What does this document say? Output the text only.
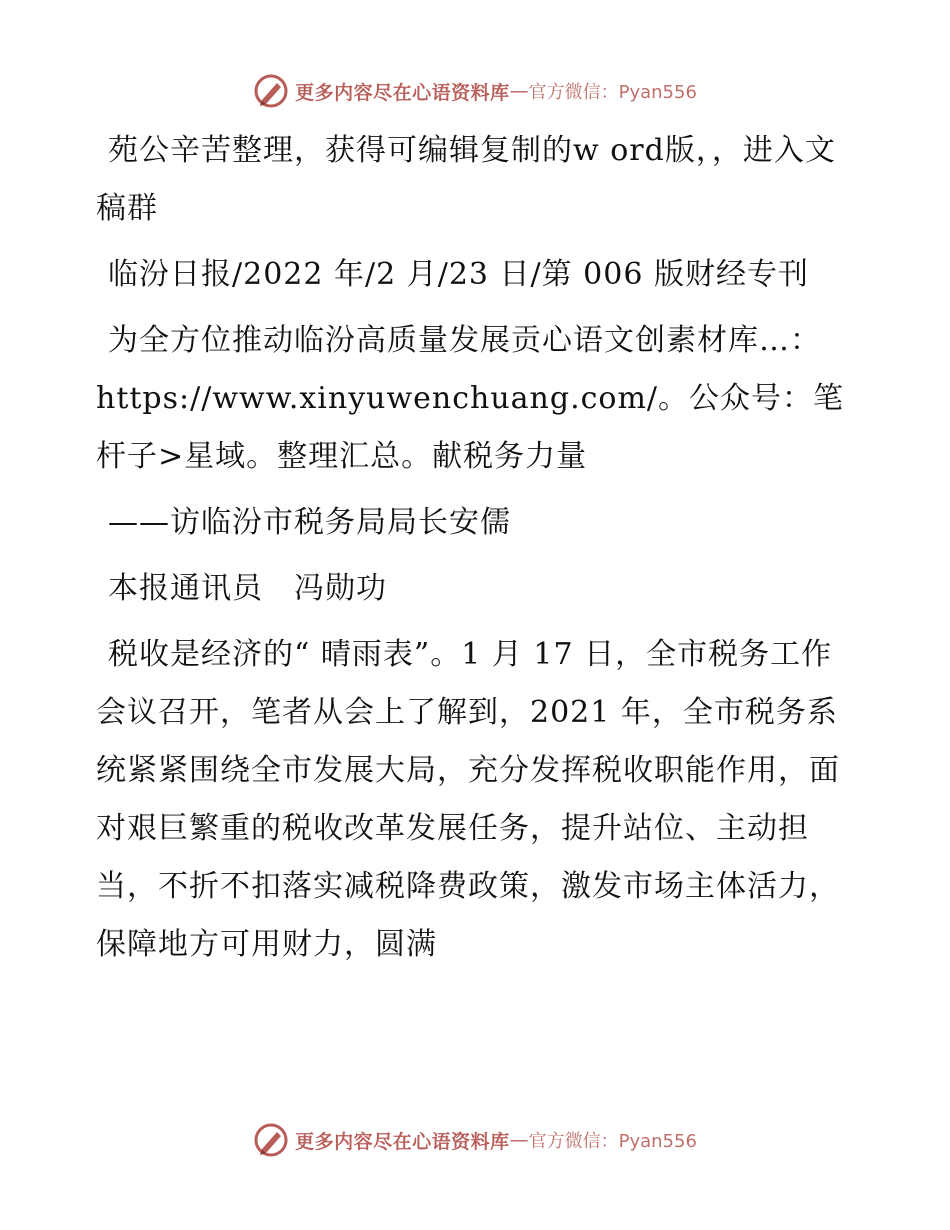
更多内容尽在心语资料库 — 官方微信：Pyan556

苑公辛苦整理，获得可编辑复制的w ord版，，进入文稿群

临汾日报/2022 年/2 月/23 日/第 006 版财经专刊

为全方位推动临汾高质量发展贡心语文创素材库…：https://www.xinyuwenchuang.com/。公众号：笔杆子>星域。整理汇总。献税务力量

——访临汾市税务局局长安儒

本报通讯员　冯勋功

税收是经济的“ 晴雨表”。1 月 17 日，全市税务工作会议召开，笔者从会上了解到，2021 年，全市税务系统紧紧围绕全市发展大局，充分发挥税收职能作用，面对艰巨繁重的税收改革发展任务，提升站位、主动担当，不折不扣落实减税降费政策，激发市场主体活力，保障地方可用财力，圆满

更多内容尽在心语资料库 — 官方微信：Pyan556
